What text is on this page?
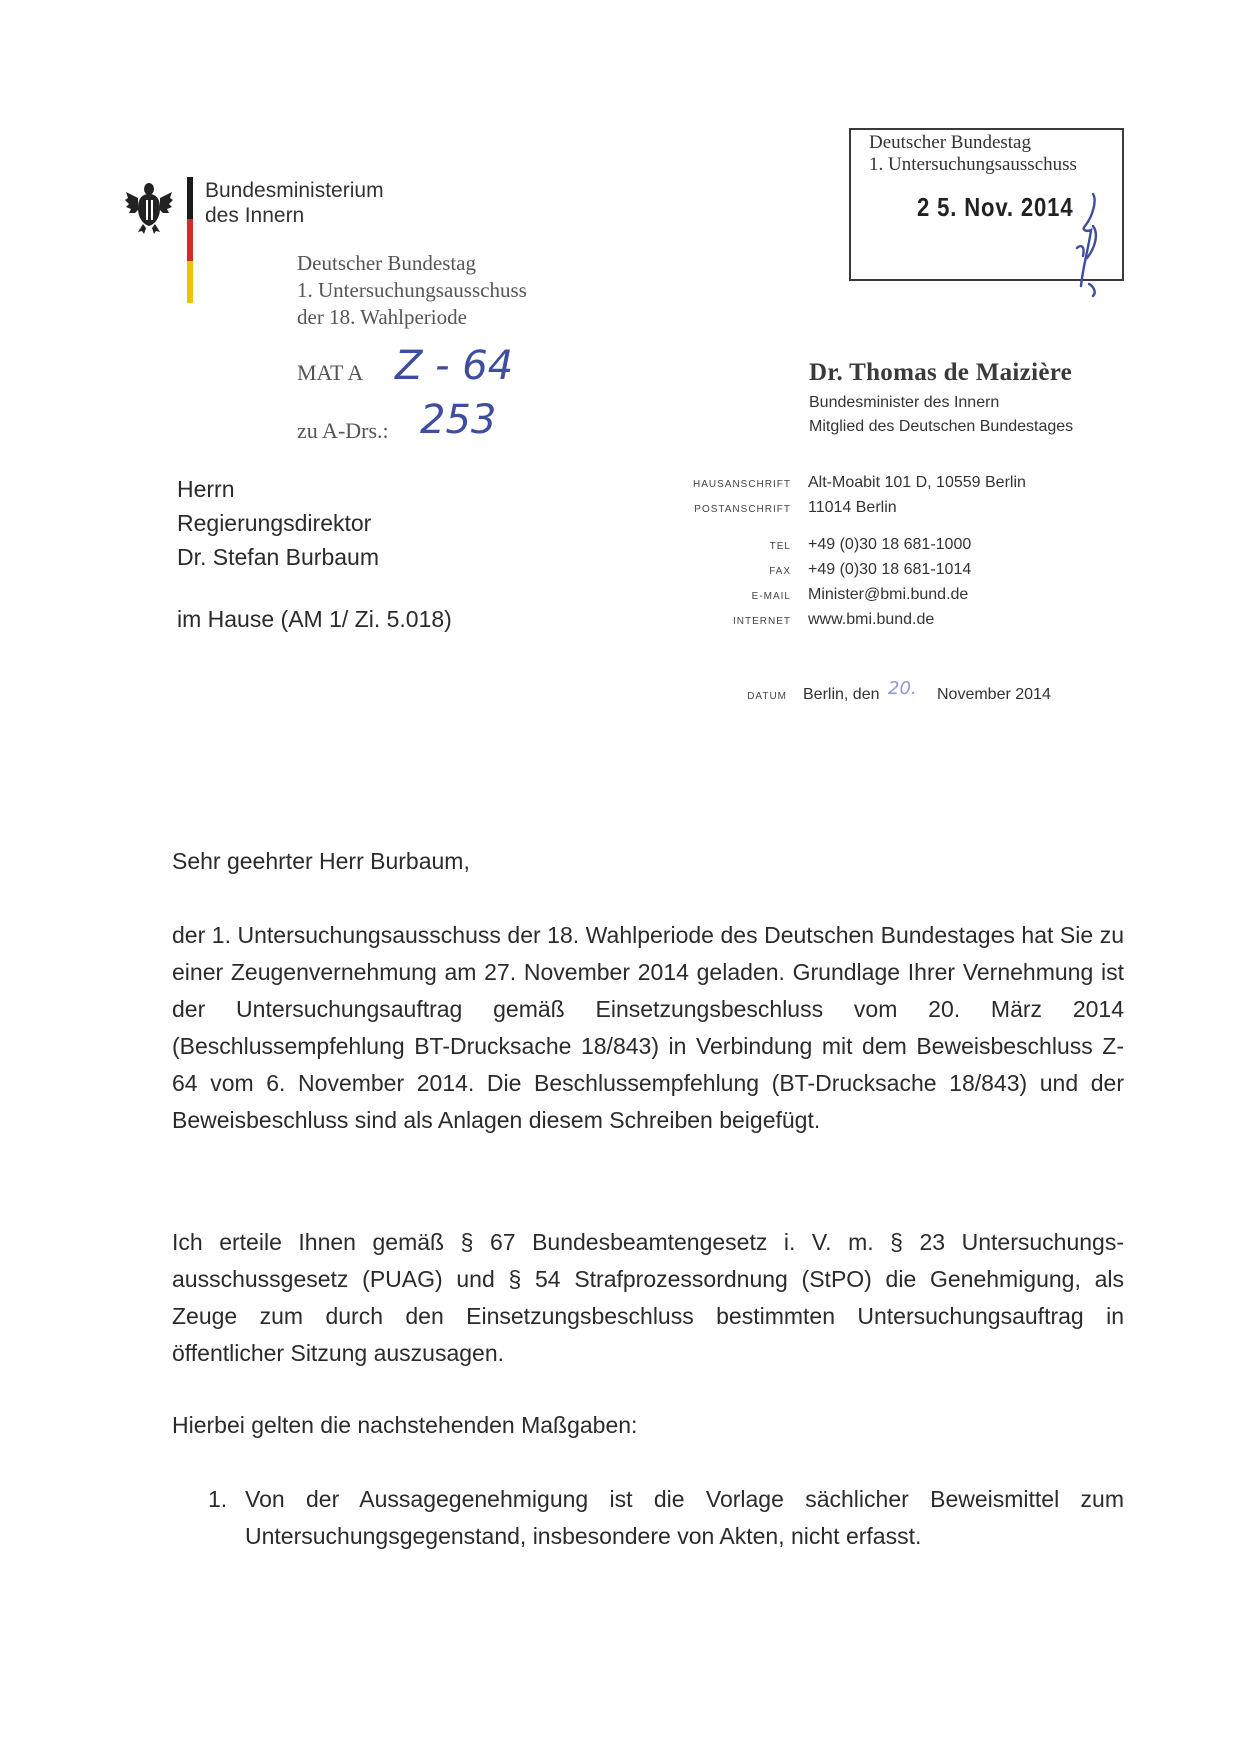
Bundesministerium
des Innern
Deutscher Bundestag
1. Untersuchungsausschuss
2 5. Nov. 2014
Deutscher Bundestag
1. Untersuchungsausschuss
der 18. Wahlperiode
MAT A Z - 64
zu A-Drs.: 253
Dr. Thomas de Maizière
Bundesminister des Innern
Mitglied des Deutschen Bundestages
HAUSANSCHRIFT Alt-Moabit 101 D, 10559 Berlin
POSTANSCHRIFT 11014 Berlin
TEL +49 (0)30 18 681-1000
FAX +49 (0)30 18 681-1014
E-MAIL Minister@bmi.bund.de
INTERNET www.bmi.bund.de
DATUM Berlin, den 20. November 2014
Herrn
Regierungsdirektor
Dr. Stefan Burbaum
im Hause (AM 1/ Zi. 5.018)
Sehr geehrter Herr Burbaum,
der 1. Untersuchungsausschuss der 18. Wahlperiode des Deutschen Bundestages hat Sie zu einer Zeugenvernehmung am 27. November 2014 geladen. Grundlage Ihrer Vernehmung ist der Untersuchungsauftrag gemäß Einsetzungsbeschluss vom 20. März 2014 (Beschlussempfehlung BT-Drucksache 18/843) in Verbindung mit dem Beweisbeschluss Z-64 vom 6. November 2014. Die Beschlussempfehlung (BT-Drucksache 18/843) und der Beweisbeschluss sind als Anlagen diesem Schreiben beigefügt.
Ich erteile Ihnen gemäß § 67 Bundesbeamtengesetz i. V. m. § 23 Untersuchungs-ausschussgesetz (PUAG) und § 54 Strafprozessordnung (StPO) die Genehmigung, als Zeuge zum durch den Einsetzungsbeschluss bestimmten Untersuchungsauftrag in öffentlicher Sitzung auszusagen.
Hierbei gelten die nachstehenden Maßgaben:
1. Von der Aussagegenehmigung ist die Vorlage sächlicher Beweismittel zum Untersuchungsgegenstand, insbesondere von Akten, nicht erfasst.
